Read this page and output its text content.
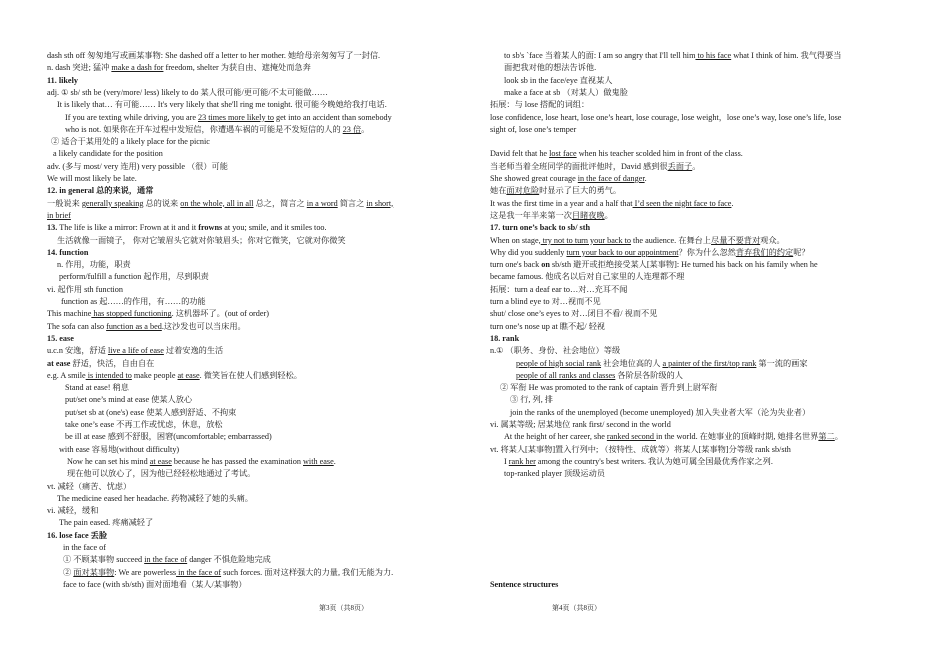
dash sth off 匆匆地写或画某事物: She dashed off a letter to her mother. 她给母亲匆匆写了一封信.
n. dash 突进; 猛冲 make a dash for freedom, shelter 为获自由、遮掩处而急奔
11. likely
adj. ① sb/ sth be (very/more/ less) likely to do 某人很可能/更可能/不太可能做……
It is likely that… 有可能…… It's very likely that she'll ring me tonight. 很可能今晚她给我打电话.
If you are texting while driving, you are 23 times more likely to get into an accident than somebody
who is not. 如果你在开车过程中发短信，你遭遇车祸的可能是不发短信的人的 23 倍。
② 适合于某用处的 a likely place for the picnic
a likely candidate for the position
adv. (多与 most/ very 连用) very possible （很）可能
We will most likely be late.
12. in general 总的来说，通常
一般说来 generally speaking 总的说来 on the whole, all in all 总之，简言之 in a word 简言之 in short,
in brief
13. The life is like a mirror: Frown at it and it frowns at you; smile, and it smiles too.
生活就像一面镜子， 你对它皱眉头它就对你皱眉头；你对它微笑，它就对你微笑
14. function
n. 作用，功能，职责
perform/fulfill a function 起作用，尽到职责
vi. 起作用 sth function
function as 起……的作用，有……的功能
This machine has stopped functioning. 这机器坏了。(out of order)
The sofa can also function as a bed.这沙发也可以当床用。
15. ease
u.c.n 安逸，舒适 live a life of ease 过着安逸的生活
at ease 舒适，快活，自由自在
e.g. A smile is intended to make people at ease. 微笑旨在使人们感到轻松。
Stand at ease! 稍息
put/set one’s mind at ease 使某人放心
put/set sb at (one's) ease 使某人感到舒适、不拘束
take one’s ease 不再工作或忧虑，休息，放松
be ill at ease 感到不舒服，困窘(uncomfortable; embarrassed)
with ease 容易地(without difficulty)
Now he can set his mind at ease because he has passed the examination with ease.
现在他可以放心了，因为他已经轻松地通过了考试。
vt. 减轻（痛苦、忧虑）
The medicine eased her headache. 药物减轻了她的头痛。
vi. 减轻，缓和
The pain eased. 疼痛减轻了
16. lose face 丢脸
in the face of
① 不顾某事物 succeed in the face of danger 不惧危险地完成
② 面对某事物: We are powerless in the face of such forces. 面对这样强大的力量, 我们无能为力.
face to face (with sb/sth) 面对面地看（某人/某事物）
to sb's `face 当着某人的面: I am so angry that I'll tell him to his face what I think of him. 我气得要当
面把我对他的想法告诉他.
look sb in the face/eye 直视某人
make a face at sb （对某人）做鬼脸
拓展：与 lose 搭配的词组：
lose confidence, lose heart, lose one’s heart, lose courage, lose weight，lose one’s way, lose one’s life, lose
sight of, lose one’s temper
David felt that he lost face when his teacher scolded him in front of the class.
当老师当着全班同学的面批评他时，David 感到很丢面子。
She showed great courage in the face of danger.
她在面对危险时显示了巨大的勇气。
It was the first time in a year and a half that I’d seen the night face to face.
这是我一年半来第一次目睹夜晚。
17. turn one’s back to sb/ sth
When on stage, try not to turn your back to the audience. 在舞台上尽量不要背对观众。
Why did you suddenly turn your back to our appointment？你为什么忽然背弃我们的约定呢？
turn one's back on sb/sth 避开或拒绝接受某人[某事物]: He turned his back on his family when he
became famous. 他成名以后对自己家里的人连理都不理
拓展：turn a deaf ear to…对…充耳不闻
turn a blind eye to 对…视而不见
shut/ close one’s eyes to 对…闭目不看/ 视而不见
turn one’s nose up at 瞧不起/ 轻视
18. rank
n.① （职务、身份、社会地位）等级
people of high social rank 社会地位高的人 a painter of the first/top rank 第一流的画家
people of all ranks and classes 各阶层各阶级的人
② 军衔 He was promoted to the rank of captain 晋升到上尉军衔
③ 行, 列, 排
join the ranks of the unemployed (become unemployed) 加入失业者大军（沦为失业者）
vi. 属某等级; 居某地位 rank first/ second in the world
At the height of her career, she ranked second in the world. 在她事业的顶峰时期, 她排名世界第二。
vt. 将某人[某事物]置入行列中; （按特性、成就等）将某人[某事物]分等级 rank sb/sth
I rank her among the country's best writers. 我认为她可属全国最优秀作家之列.
top-ranked player 顶级运动员
Sentence structures
第3页（共8页）	第4页（共8页）
